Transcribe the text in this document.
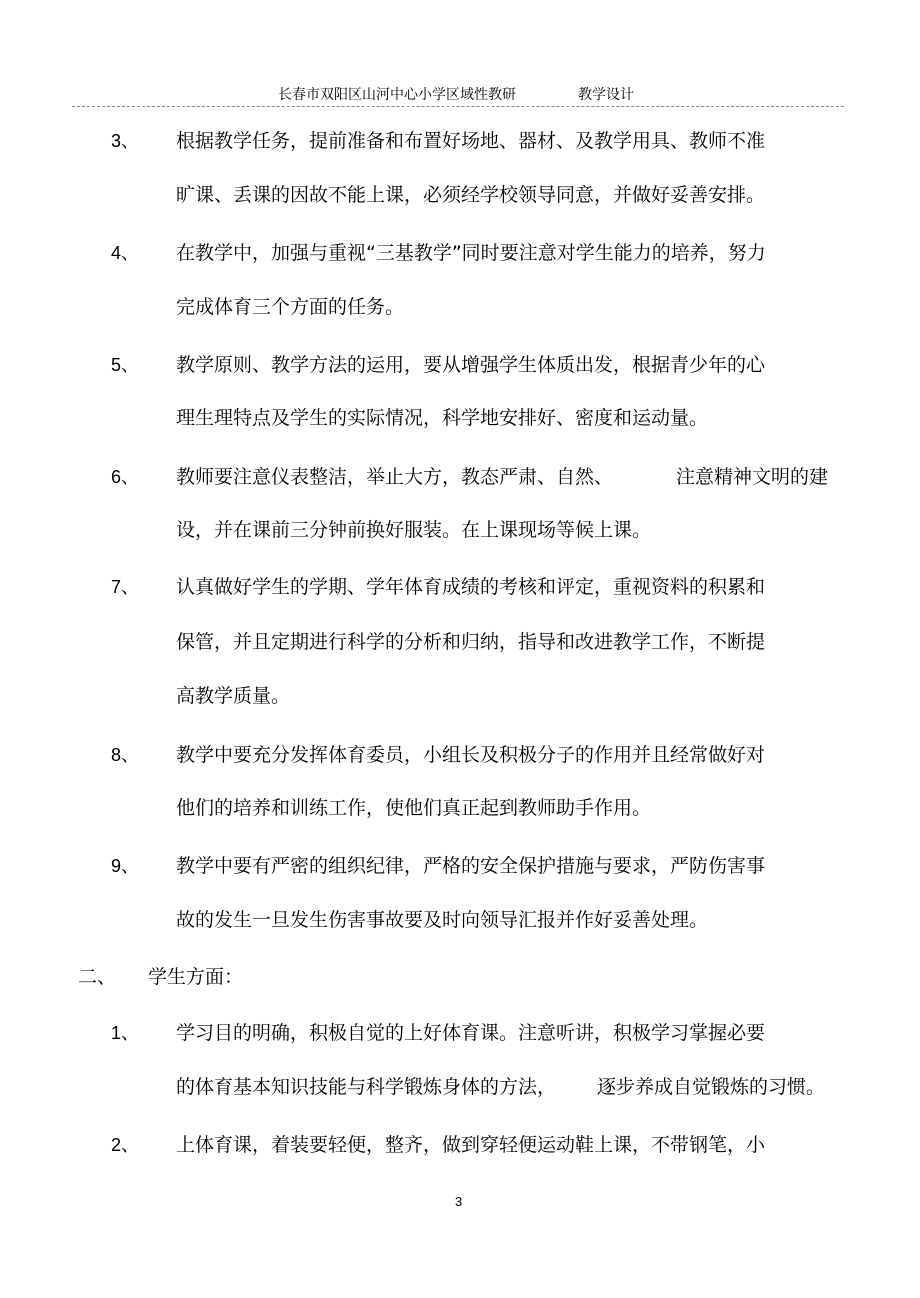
长春市双阳区山河中心小学区域性教研	教学设计
3、 根据教学任务，提前准备和布置好场地、器材、及教学用具、教师不准
旷课、丢课的因故不能上课，必须经学校领导同意，并做好妥善安排。
4、 在教学中，加强与重视“三基教学”同时要注意对学生能力的培养，努力
完成体育三个方面的任务。
5、 教学原则、教学方法的运用，要从增强学生体质出发，根据青少年的心
理生理特点及学生的实际情况，科学地安排好、密度和运动量。
6、 教师要注意仪表整洁，举止大方，教态严肃、自然、	注意精神文明的建
设，并在课前三分钟前换好服装。在上课现场等候上课。
7、 认真做好学生的学期、学年体育成绩的考核和评定，重视资料的积累和
保管，并且定期进行科学的分析和归纳，指导和改进教学工作，不断提
高教学质量。
8、 教学中要充分发挥体育委员，小组长及积极分子的作用并且经常做好对
他们的培养和训练工作，使他们真正起到教师助手作用。
9、 教学中要有严密的组织纪律，严格的安全保护措施与要求，严防伤害事
故的发生一旦发生伤害事故要及时向领导汇报并作好妥善处理。
二、 学生方面：
1、 学习目的明确，积极自觉的上好体育课。注意听讲，积极学习掌握必要
的体育基本知识技能与科学锻炼身体的方法， 逐步养成自觉锻炼的习惯。
2、 上体育课，着装要轻便，整齐，做到穿轻便运动鞋上课，不带钢笔，小
3
